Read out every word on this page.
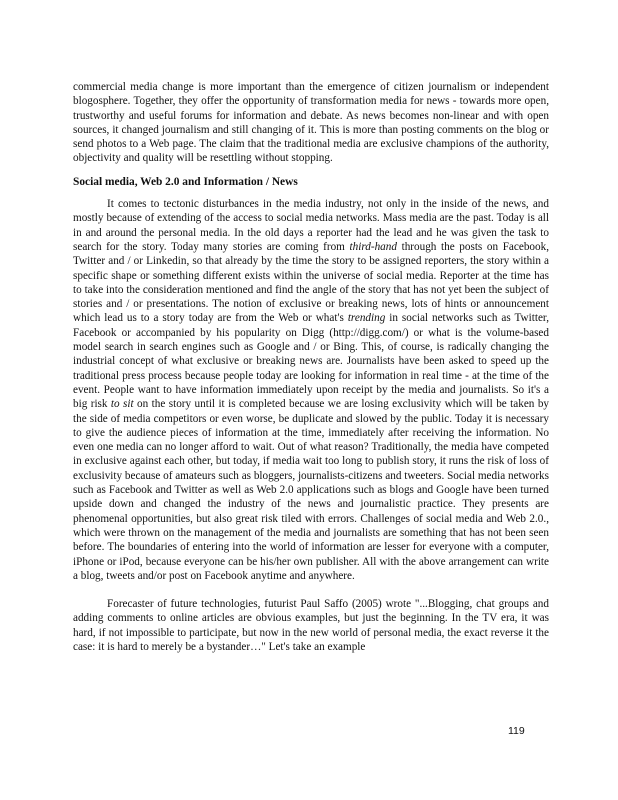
commercial media change is more important than the emergence of citizen journalism or independent blogosphere. Together, they offer the opportunity of transformation media for news - towards more open, trustworthy and useful forums for information and debate. As news becomes non-linear and with open sources, it changed journalism and still changing of it. This is more than posting comments on the blog or send photos to a Web page. The claim that the traditional media are exclusive champions of the authority, objectivity and quality will be resettling without stopping.

Social media, Web 2.0 and Information / News

It comes to tectonic disturbances in the media industry, not only in the inside of the news, and mostly because of extending of the access to social media networks. Mass media are the past. Today is all in and around the personal media. In the old days a reporter had the lead and he was given the task to search for the story. Today many stories are coming from third-hand through the posts on Facebook, Twitter and / or Linkedin, so that already by the time the story to be assigned reporters, the story within a specific shape or something different exists within the universe of social media. Reporter at the time has to take into the consideration mentioned and find the angle of the story that has not yet been the subject of stories and / or presentations. The notion of exclusive or breaking news, lots of hints or announcement which lead us to a story today are from the Web or what's trending in social networks such as Twitter, Facebook or accompanied by his popularity on Digg (http://digg.com/) or what is the volume-based model search in search engines such as Google and / or Bing. This, of course, is radically changing the industrial concept of what exclusive or breaking news are. Journalists have been asked to speed up the traditional press process because people today are looking for information in real time - at the time of the event. People want to have information immediately upon receipt by the media and journalists. So it's a big risk to sit on the story until it is completed because we are losing exclusivity which will be taken by the side of media competitors or even worse, be duplicate and slowed by the public. Today it is necessary to give the audience pieces of information at the time, immediately after receiving the information. No even one media can no longer afford to wait. Out of what reason? Traditionally, the media have competed in exclusive against each other, but today, if media wait too long to publish story, it runs the risk of loss of exclusivity because of amateurs such as bloggers, journalists-citizens and tweeters. Social media networks such as Facebook and Twitter as well as Web 2.0 applications such as blogs and Google have been turned upside down and changed the industry of the news and journalistic practice. They presents are phenomenal opportunities, but also great risk tiled with errors. Challenges of social media and Web 2.0., which were thrown on the management of the media and journalists are something that has not been seen before. The boundaries of entering into the world of information are lesser for everyone with a computer, iPhone or iPod, because everyone can be his/her own publisher. All with the above arrangement can write a blog, tweets and/or post on Facebook anytime and anywhere.

Forecaster of future technologies, futurist Paul Saffo (2005) wrote "...Blogging, chat groups and adding comments to online articles are obvious examples, but just the beginning. In the TV era, it was hard, if not impossible to participate, but now in the new world of personal media, the exact reverse it the case: it is hard to merely be a bystander…" Let's take an example

119
